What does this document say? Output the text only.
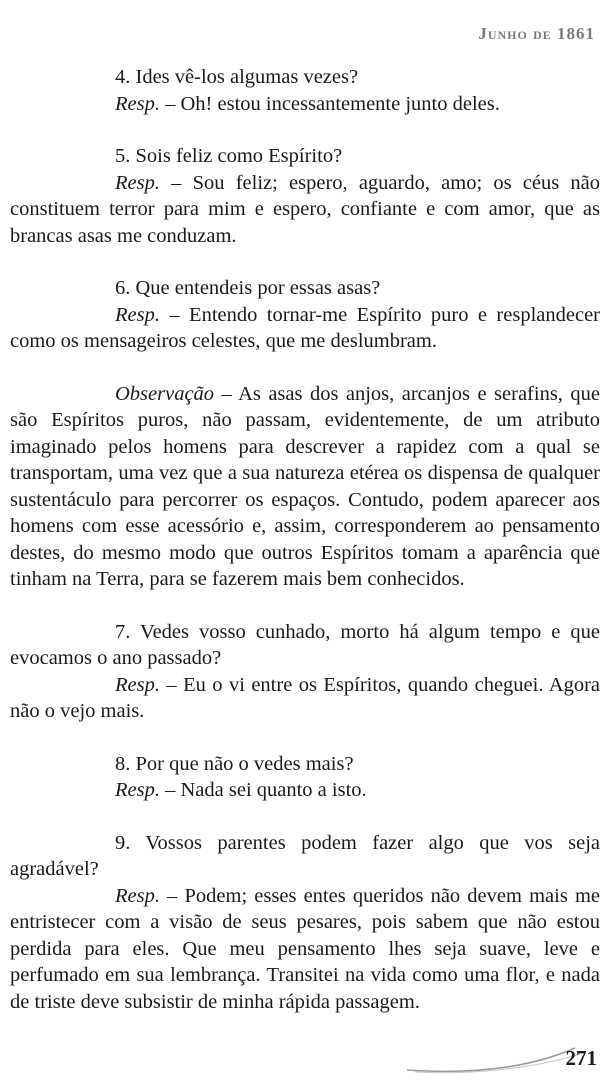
Junho de 1861

4. Ides vê-los algumas vezes?

Resp. – Oh! estou incessantemente junto deles.

5. Sois feliz como Espírito?

Resp. – Sou feliz; espero, aguardo, amo; os céus não constituem terror para mim e espero, confiante e com amor, que as brancas asas me conduzam.

6. Que entendeis por essas asas?

Resp. – Entendo tornar-me Espírito puro e resplandecer como os mensageiros celestes, que me deslumbram.

Observação – As asas dos anjos, arcanjos e serafins, que são Espíritos puros, não passam, evidentemente, de um atributo imaginado pelos homens para descrever a rapidez com a qual se transportam, uma vez que a sua natureza etérea os dispensa de qualquer sustentáculo para percorrer os espaços. Contudo, podem aparecer aos homens com esse acessório e, assim, corresponderem ao pensamento destes, do mesmo modo que outros Espíritos tomam a aparência que tinham na Terra, para se fazerem mais bem conhecidos.

7. Vedes vosso cunhado, morto há algum tempo e que evocamos o ano passado?

Resp. – Eu o vi entre os Espíritos, quando cheguei. Agora não o vejo mais.

8. Por que não o vedes mais?

Resp. – Nada sei quanto a isto.

9. Vossos parentes podem fazer algo que vos seja agradável?

Resp. – Podem; esses entes queridos não devem mais me entristecer com a visão de seus pesares, pois sabem que não estou perdida para eles. Que meu pensamento lhes seja suave, leve e perfumado em sua lembrança. Transitei na vida como uma flor, e nada de triste deve subsistir de minha rápida passagem.

271
